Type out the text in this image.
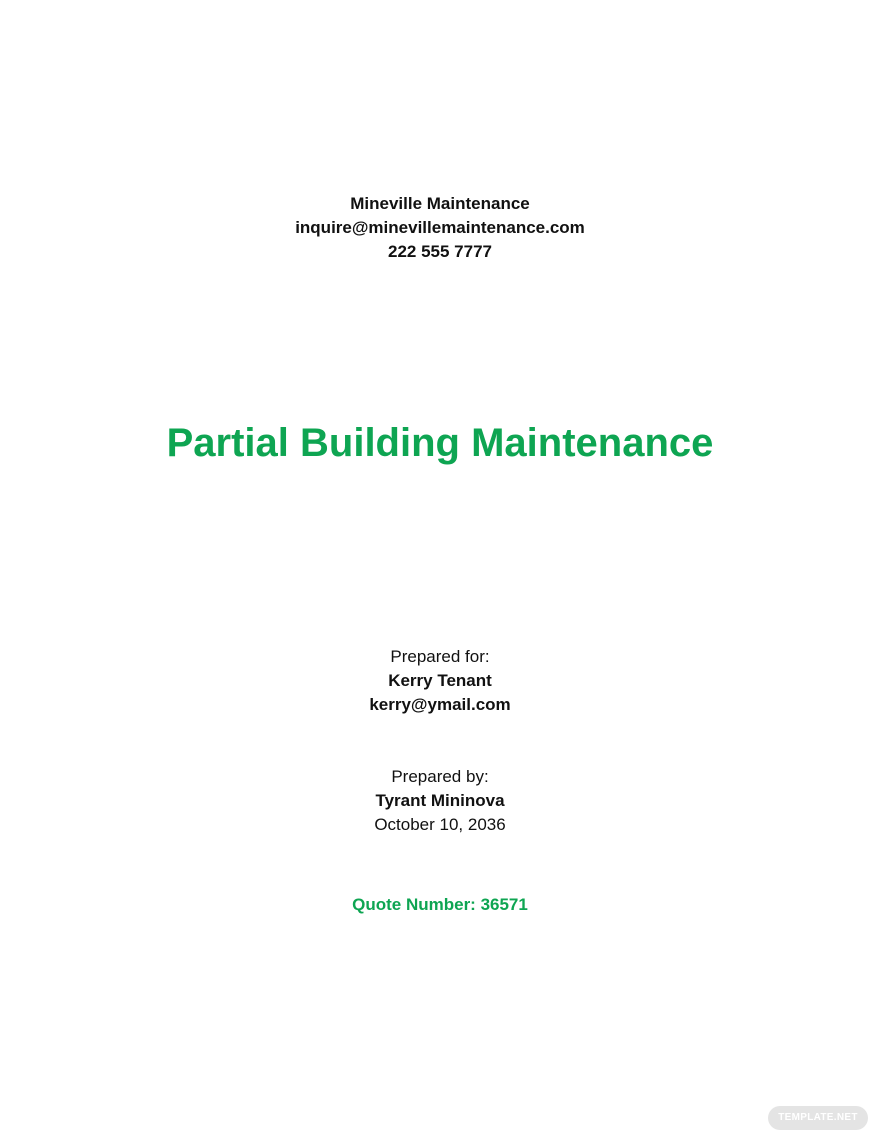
Mineville Maintenance
inquire@minevillemaintenance.com
222 555 7777
Partial Building Maintenance
Prepared for:
Kerry Tenant
kerry@ymail.com
Prepared by:
Tyrant Mininova
October 10, 2036
Quote Number: 36571
TEMPLATE.NET
